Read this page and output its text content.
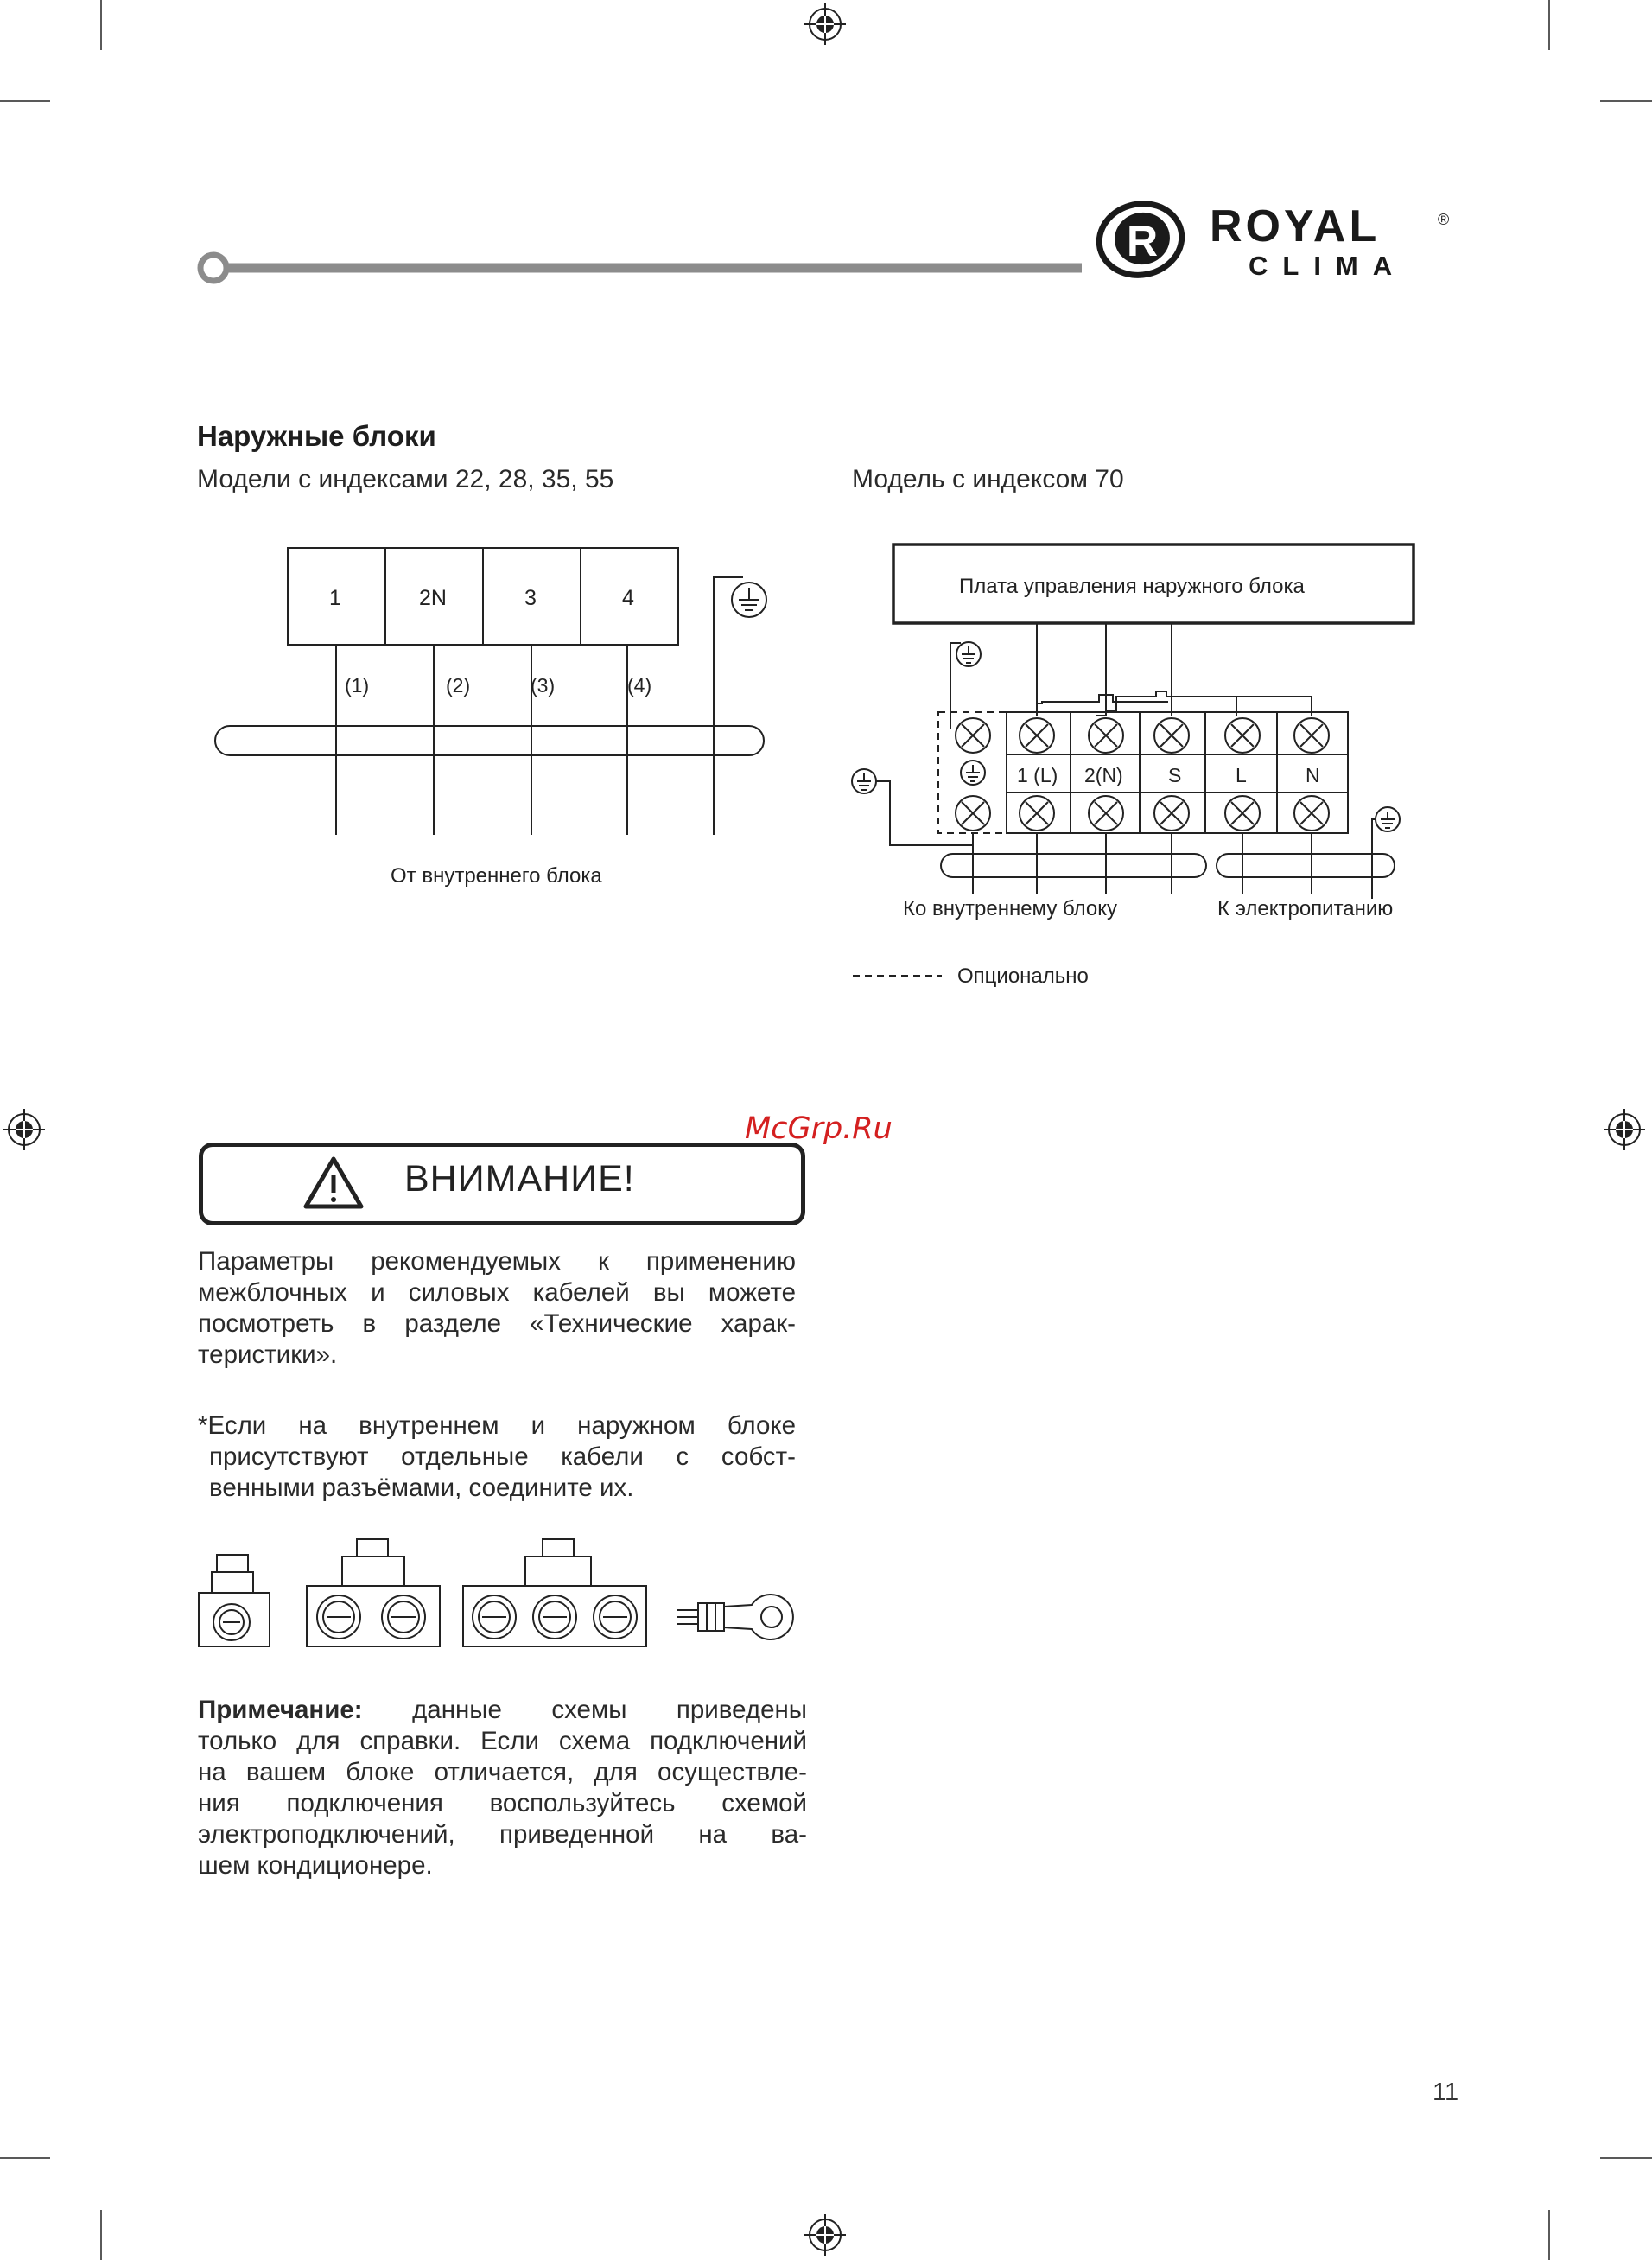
R ROYAL	®
CLIMA
Наружные блоки
Модели с индексами 22, 28, 35, 55	Модель с индексом 70
1	2N	3	4
(1)	(2)	(3)	(4)
От внутреннего блока
Плата управления наружного блока
1 (L) 2(N) S	L	N
Ко внутреннему блоку	К электропитанию
Опционально
McGrp.Ru
ВНИМАНИЕ!
Параметры рекомендуемых к применению
межблочных и силовых кабелей вы можете
посмотреть в разделе «Технические харак-
теристики».
*Если на внутреннем и наружном блоке
присутствуют отдельные кабели с собст-
венными разъёмами, соедините их.
Примечание: данные схемы приведены
только для справки. Если схема подключений
на вашем блоке отличается, для осуществле-
ния подключения воспользуйтесь схемой
электроподключений, приведенной на ва-
шем кондиционере.
11
